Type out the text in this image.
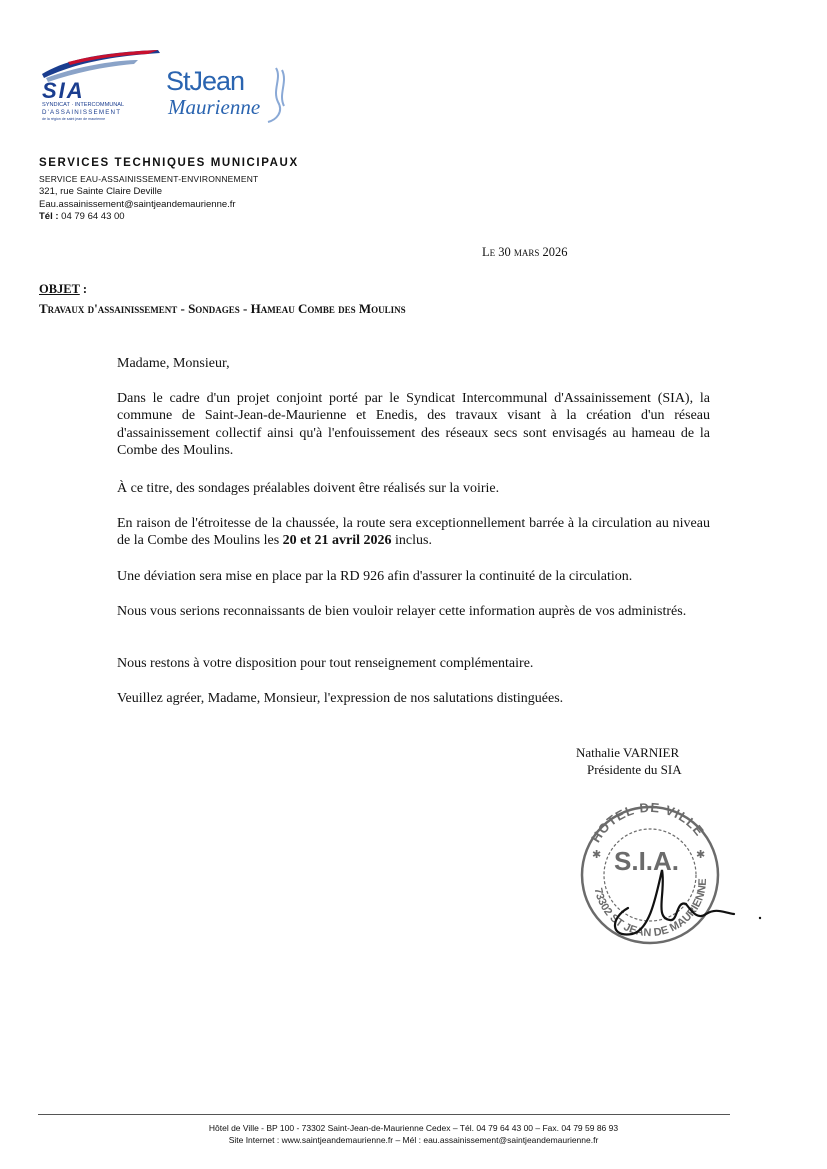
SIA
SYNDICAT · INTERCOMMUNAL
D'ASSAINISSEMENT
de la région de saint jean de maurienne
StJean
Maurienne
SERVICES TECHNIQUES MUNICIPAUX
SERVICE EAU-ASSAINISSEMENT-ENVIRONNEMENT
321, rue Sainte Claire Deville
Eau.assainissement@saintjeandemaurienne.fr
Tél : 04 79 64 43 00
Le 30 mars 2026
OBJET :
Travaux d'assainissement - Sondages - Hameau Combe des Moulins
Madame, Monsieur,
Dans le cadre d'un projet conjoint porté par le Syndicat Intercommunal d'Assainissement (SIA), la commune de Saint-Jean-de-Maurienne et Enedis, des travaux visant à la création d'un réseau d'assainissement collectif ainsi qu'à l'enfouissement des réseaux secs sont envisagés au hameau de la Combe des Moulins.
À ce titre, des sondages préalables doivent être réalisés sur la voirie.
En raison de l'étroitesse de la chaussée, la route sera exceptionnellement barrée à la circulation au niveau de la Combe des Moulins les 20 et 21 avril 2026 inclus.
Une déviation sera mise en place par la RD 926 afin d'assurer la continuité de la circulation.
Nous vous serions reconnaissants de bien vouloir relayer cette information auprès de vos administrés.
Nous restons à votre disposition pour tout renseignement complémentaire.
Veuillez agréer, Madame, Monsieur, l'expression de nos salutations distinguées.
Nathalie VARNIER
Présidente du SIA
HOTEL DE VILLE
73302 ST JEAN DE MAURIENNE
S.I.A.
✱	✱
Hôtel de Ville - BP 100 - 73302 Saint-Jean-de-Maurienne Cedex – Tél. 04 79 64 43 00 – Fax. 04 79 59 86 93
Site Internet : www.saintjeandemaurienne.fr – Mél : eau.assainissement@saintjeandemaurienne.fr
